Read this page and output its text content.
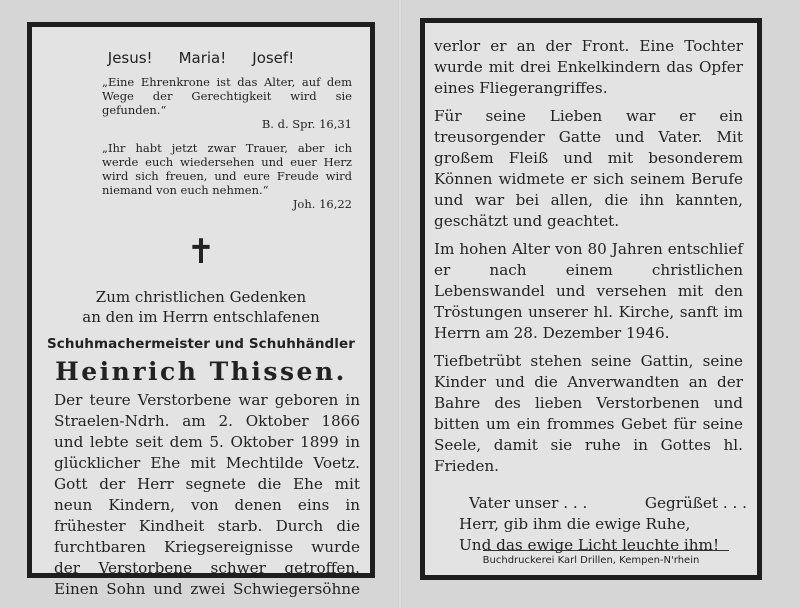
Jesus! Maria! Josef!
„Eine Ehrenkrone ist das Alter, auf dem Wege der Gerechtigkeit wird sie gefunden.“
B. d. Spr. 16,31
„Ihr habt jetzt zwar Trauer, aber ich werde euch wiedersehen und euer Herz wird sich freuen, und eure Freude wird niemand von euch nehmen.“
Joh. 16,22
✝
Zum christlichen Gedenken
an den im Herrn entschlafenen
Schuhmachermeister und Schuhhändler
Heinrich Thissen.
Der teure Verstorbene war geboren in Straelen-Ndrh. am 2. Oktober 1866 und lebte seit dem 5. Oktober 1899 in glücklicher Ehe mit Mechtilde Voetz. Gott der Herr segnete die Ehe mit neun Kindern, von denen eins in frühester Kindheit starb. Durch die furchtbaren Kriegsereignisse wurde der Verstorbene schwer getroffen. Einen Sohn und zwei Schwiegersöhne

verlor er an der Front. Eine Tochter wurde mit drei Enkelkindern das Opfer eines Fliegerangriffes.

Für seine Lieben war er ein treusorgender Gatte und Vater. Mit großem Fleiß und mit besonderem Können widmete er sich seinem Berufe und war bei allen, die ihn kannten, geschätzt und geachtet.

Im hohen Alter von 80 Jahren entschlief er nach einem christlichen Lebenswandel und versehen mit den Tröstungen unserer hl. Kirche, sanft im Herrn am 28. Dezember 1946.

Tiefbetrübt stehen seine Gattin, seine Kinder und die Anverwandten an der Bahre des lieben Verstorbenen und bitten um ein frommes Gebet für seine Seele, damit sie ruhe in Gottes hl. Frieden.

Vater unser . . .	Gegrüßet . . .
Herr, gib ihm die ewige Ruhe,
Und das ewige Licht leuchte ihm!
Buchdruckerei Karl Drillen, Kempen-N'rhein
